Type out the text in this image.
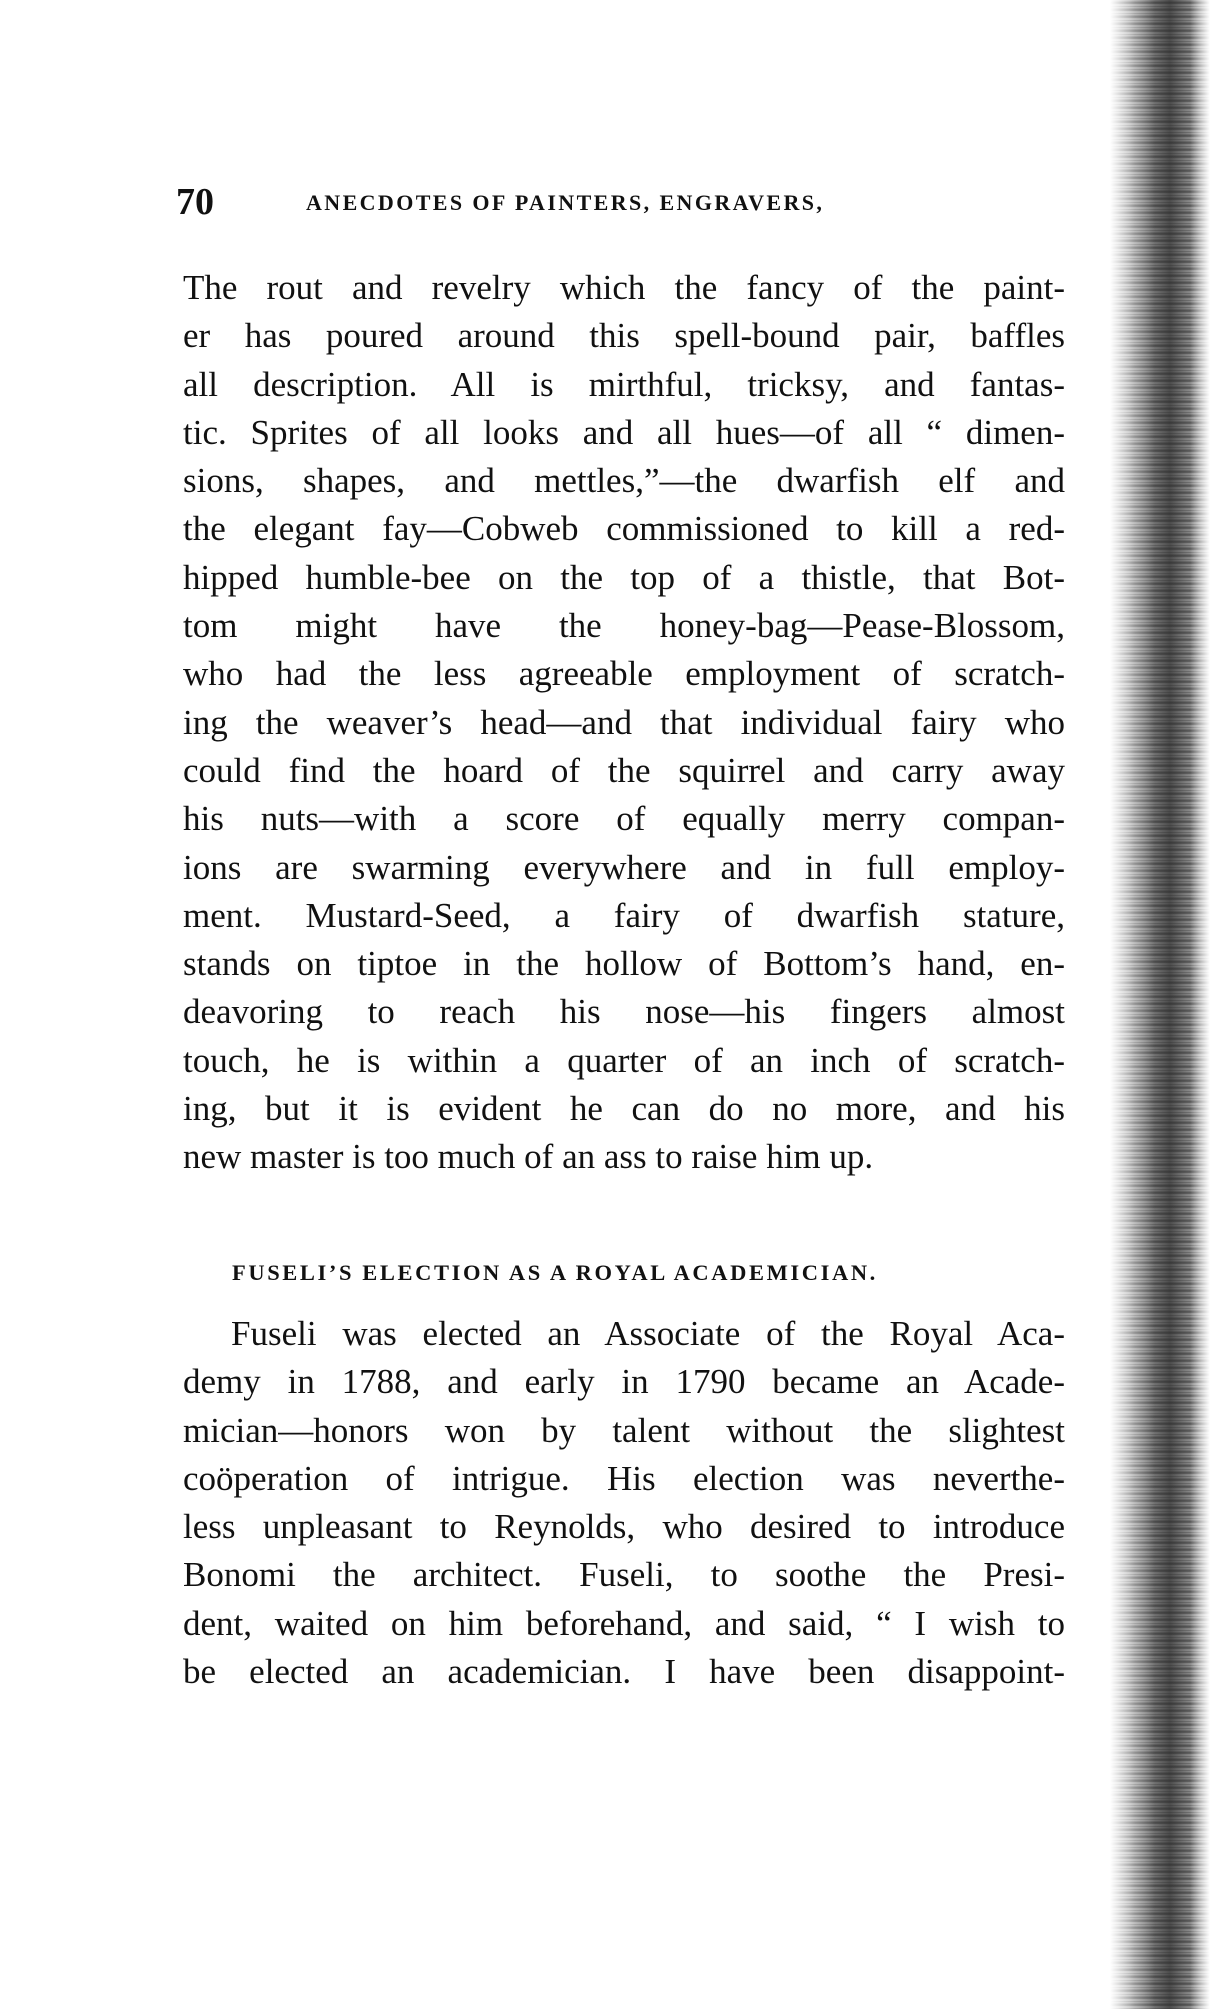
70	ANECDOTES OF PAINTERS, ENGRAVERS,
The rout and revelry which the fancy of the paint-
er has poured around this spell-bound pair, baffles
all description. All is mirthful, tricksy, and fantas-
tic. Sprites of all looks and all hues—of all “ dimen-
sions, shapes, and mettles,”—the dwarfish elf and
the elegant fay—Cobweb commissioned to kill a red-
hipped humble-bee on the top of a thistle, that Bot-
tom might have the honey-bag—Pease-Blossom,
who had the less agreeable employment of scratch-
ing the weaver’s head—and that individual fairy who
could find the hoard of the squirrel and carry away
his nuts—with a score of equally merry compan-
ions are swarming everywhere and in full employ-
ment. Mustard-Seed, a fairy of dwarfish stature,
stands on tiptoe in the hollow of Bottom’s hand, en-
deavoring to reach his nose—his fingers almost
touch, he is within a quarter of an inch of scratch-
ing, but it is evident he can do no more, and his
new master is too much of an ass to raise him up.
FUSELI’S ELECTION AS A ROYAL ACADEMICIAN.
Fuseli was elected an Associate of the Royal Aca-
demy in 1788, and early in 1790 became an Acade-
mician—honors won by talent without the slightest
coöperation of intrigue. His election was neverthe-
less unpleasant to Reynolds, who desired to introduce
Bonomi the architect. Fuseli, to soothe the Presi-
dent, waited on him beforehand, and said, “ I wish to
be elected an academician. I have been disappoint-
